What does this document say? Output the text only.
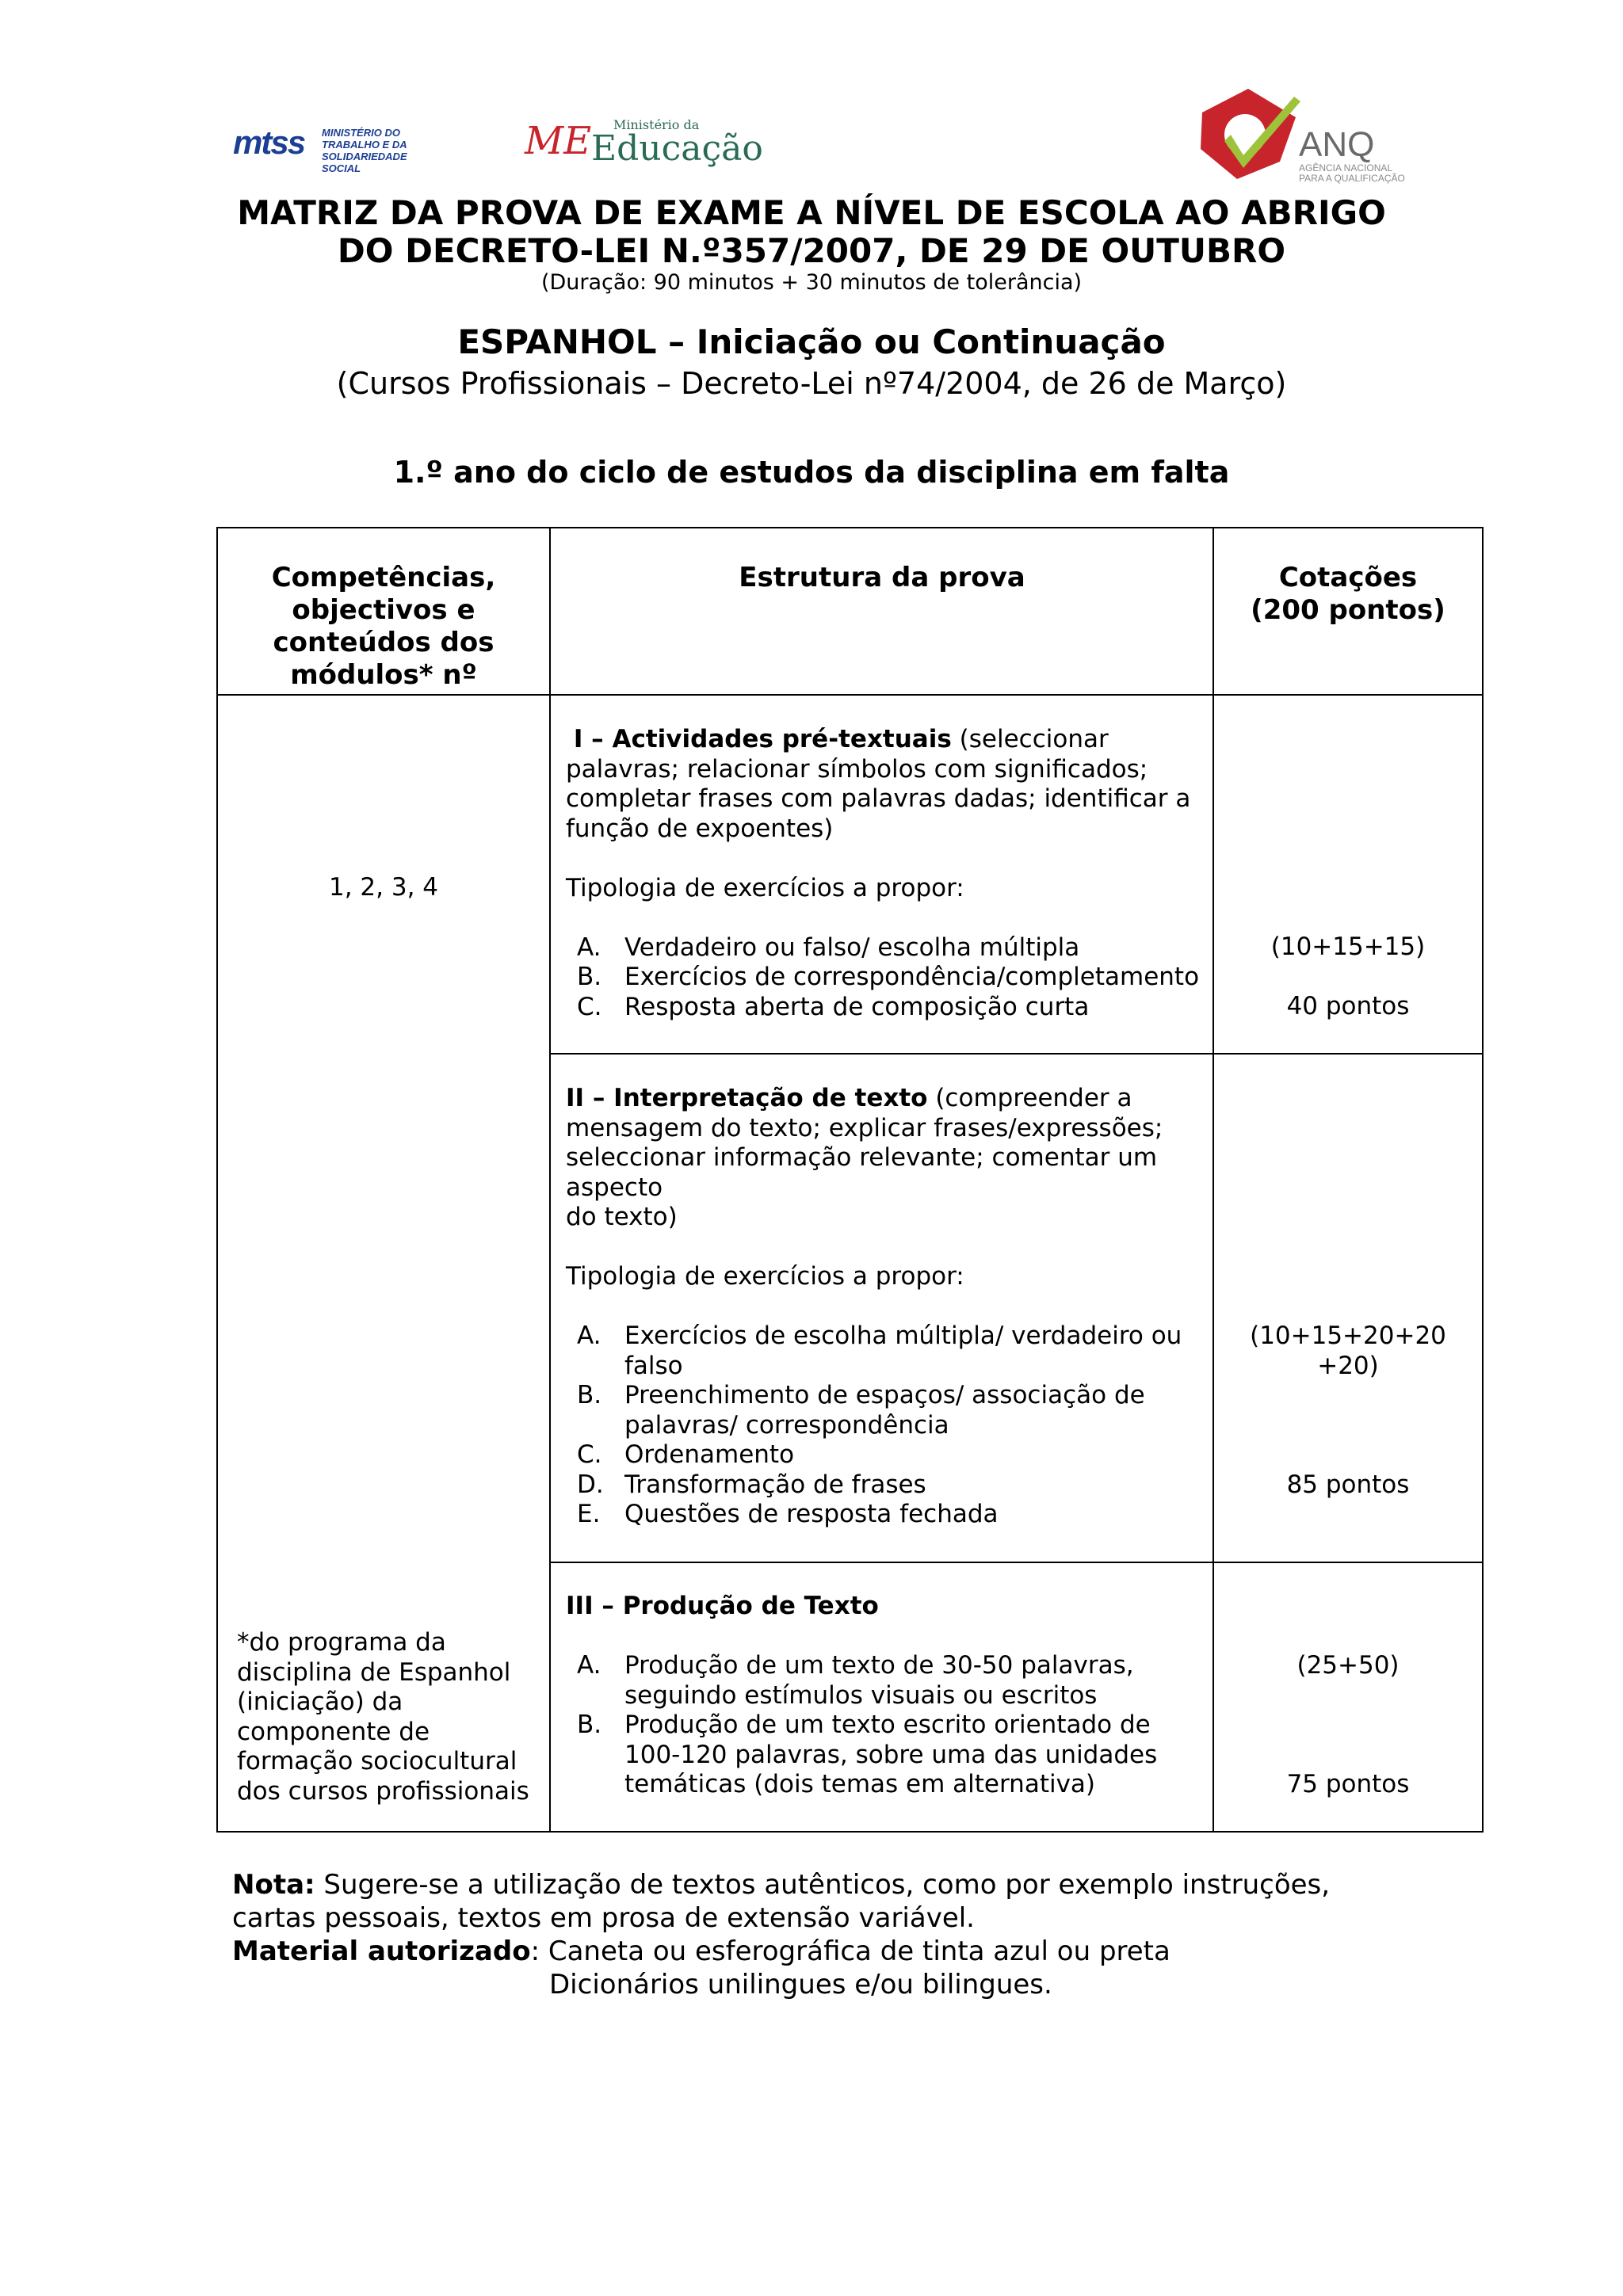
mtss MINISTÉRIO DO TRABALHO E DA SOLIDARIEDADE SOCIAL
ME Ministério da
Educação	ANQ
AGÊNCIA NACIONAL PARA A QUALIFICAÇÃO
MATRIZ DA PROVA DE EXAME A NÍVEL DE ESCOLA AO ABRIGO
DO DECRETO-LEI N.º357/2007, DE 29 DE OUTUBRO
(Duração: 90 minutos + 30 minutos de tolerância)
ESPANHOL – Iniciação ou Continuação
(Cursos Profissionais – Decreto-Lei nº74/2004, de 26 de Março)
1.º ano do ciclo de estudos da disciplina em falta
Competências, objectivos e conteúdos dos módulos* nº
Estrutura da prova	Cotações
(200 pontos)
1, 2, 3, 4
*do programa da disciplina de Espanhol (iniciação) da componente de formação sociocultural dos cursos profissionais
I – Actividades pré-textuais (seleccionar palavras; relacionar símbolos com significados; completar frases com palavras dadas; identificar a função de expoentes)
Tipologia de exercícios a propor:
A. Verdadeiro ou falso/ escolha múltipla
B. Exercícios de correspondência/completamento
C. Resposta aberta de composição curta
(10+15+15)
40 pontos
II – Interpretação de texto (compreender a mensagem do texto; explicar frases/expressões; seleccionar informação relevante; comentar um aspecto
do texto)
Tipologia de exercícios a propor:
A. Exercícios de escolha múltipla/ verdadeiro ou falso
B. Preenchimento de espaços/ associação de palavras/ correspondência
C. Ordenamento
D. Transformação de frases
E. Questões de resposta fechada
(10+15+20+20 +20)
85 pontos
III – Produção de Texto
A. Produção de um texto de 30-50 palavras, seguindo estímulos visuais ou escritos
B. Produção de um texto escrito orientado de 100-120 palavras, sobre uma das unidades temáticas (dois temas em alternativa)
(25+50)
75 pontos
Nota: Sugere-se a utilização de textos autênticos, como por exemplo instruções, cartas pessoais, textos em prosa de extensão variável.
Material autorizado: Caneta ou esferográfica de tinta azul ou preta
Dicionários unilingues e/ou bilingues.
